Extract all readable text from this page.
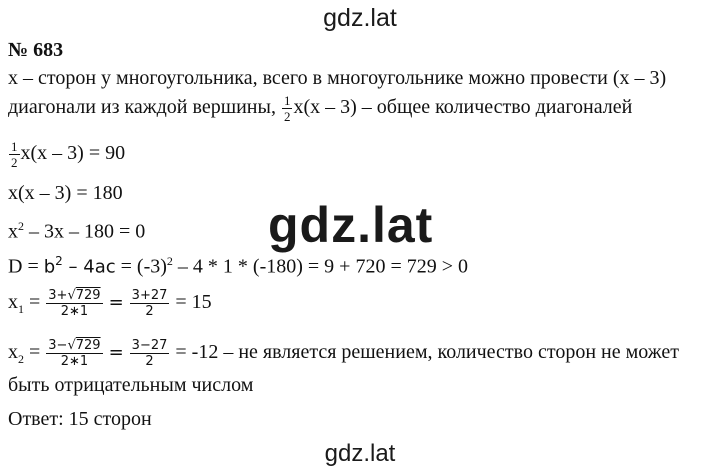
gdz.lat
№ 683
x – сторон у многоугольника, всего в многоугольнике можно провести (x – 3)
диагонали из каждой вершины, $\frac{1}{2} x(x - 3)$ – общее количество диагоналей
$\frac{1}{2} x(x - 3) = 90$
x(x – 3) = 180
$x^2 - 3x - 180 = 0$
$D = b^2 - 4ac = (-3)^2 - 4 * 1 * (-180) = 9 + 720 = 729 > 0$
$x_1 = \frac{3+√729}{2∗1} = \frac{3+27}{2} = 15$
$x_2 = \frac{3-√729}{2∗1} = \frac{3-27}{2} = -12$ – не является решением, количество сторон не может
быть отрицательным числом
Ответ: 15 сторон
gdz.lat
gdz.lat
